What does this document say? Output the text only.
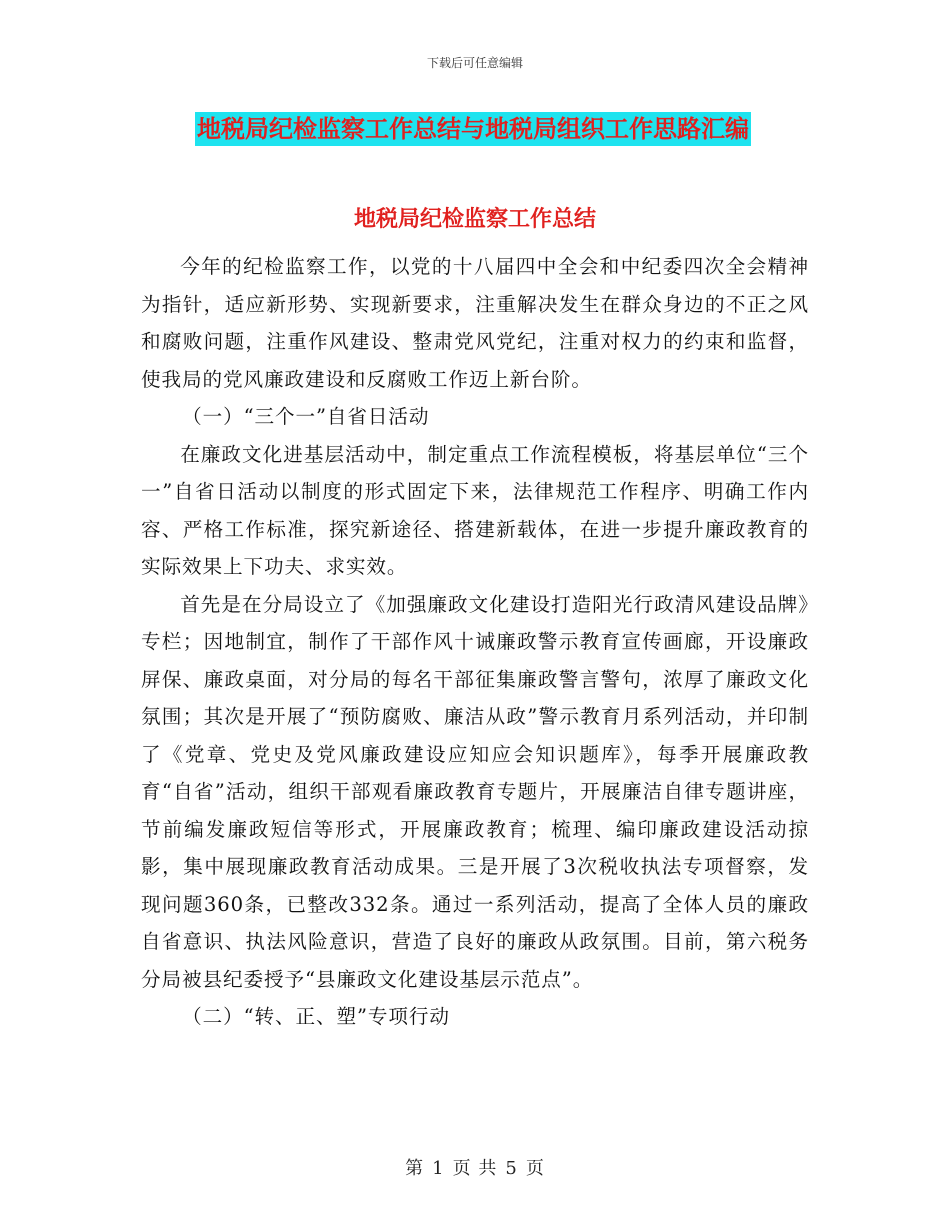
下载后可任意编辑
地税局纪检监察工作总结与地税局组织工作思路汇编
地税局纪检监察工作总结

今年的纪检监察工作，以党的十八届四中全会和中纪委四次全会精神为指针，适应新形势、实现新要求，注重解决发生在群众身边的不正之风和腐败问题，注重作风建设、整肃党风党纪，注重对权力的约束和监督，使我局的党风廉政建设和反腐败工作迈上新台阶。

（一）“三个一”自省日活动

在廉政文化进基层活动中，制定重点工作流程模板，将基层单位“三个一”自省日活动以制度的形式固定下来，法律规范工作程序、明确工作内容、严格工作标准，探究新途径、搭建新载体，在进一步提升廉政教育的实际效果上下功夫、求实效。

首先是在分局设立了《加强廉政文化建设打造阳光行政清风建设品牌》专栏；因地制宜，制作了干部作风十诫廉政警示教育宣传画廊，开设廉政屏保、廉政桌面，对分局的每名干部征集廉政警言警句，浓厚了廉政文化氛围；其次是开展了“预防腐败、廉洁从政”警示教育月系列活动，并印制了《党章、党史及党风廉政建设应知应会知识题库》，每季开展廉政教育“自省”活动，组织干部观看廉政教育专题片，开展廉洁自律专题讲座，节前编发廉政短信等形式，开展廉政教育；梳理、编印廉政建设活动掠影，集中展现廉政教育活动成果。三是开展了3次税收执法专项督察，发现问题360条，已整改332条。通过一系列活动，提高了全体人员的廉政自省意识、执法风险意识，营造了良好的廉政从政氛围。目前，第六税务分局被县纪委授予“县廉政文化建设基层示范点”。

（二）“转、正、塑”专项行动

第 1 页 共 5 页
